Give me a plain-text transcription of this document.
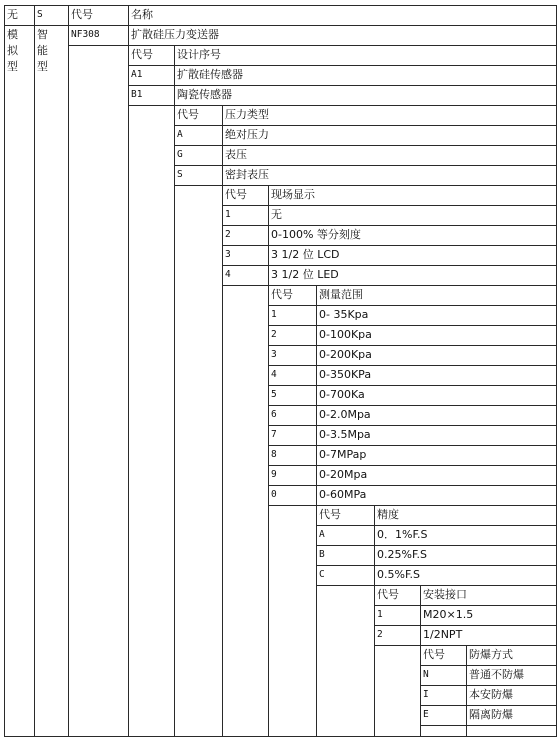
无 S	代号	名称
模
拟
型
智
能
型
NF308	扩散硅压力变送器
代号 设计序号
A1	扩散硅传感器
B1	陶瓷传感器
代号 压力类型
A	绝对压力
G	表压
S	密封表压
代号 现场显示
1	无
2	0-100% 等分刻度
3	3 1/2 位 LCD
4	3 1/2 位 LED
代号 测量范围
1	0- 35Kpa
2	0-100Kpa
3	0-200Kpa
4	0-350KPa
5	0-700Ka
6	0-2.0Mpa
7	0-3.5Mpa
8	0-7MPap
9	0-20Mpa
0	0-60MPa
代号	精度
A	0．1%F.S
B	0.25%F.S
C	0.5%F.S
代号 安装接口
1	M20×1.5
2	1/2NPT
代号 防爆方式
N	普通不防爆
I	本安防爆
E	隔离防爆
